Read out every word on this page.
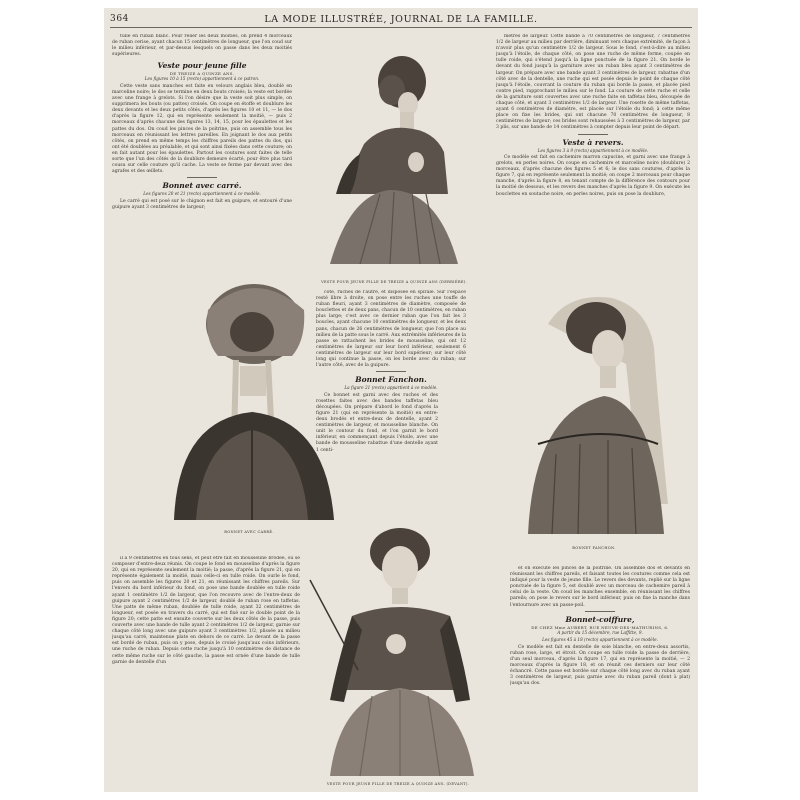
364	LA MODE ILLUSTRÉE, JOURNAL DE LA FAMILLE.

tulle en ruban blanc. Pour relier les deux moitiés, on prend 4 morceaux de ruban cerise, ayant chacun 15 centimètres de longueur, que l'on coud sur le milieu inférieur, et par-dessus lesquels on passe dans les deux moitiés supérieures.

Veste pour jeune fille
DE TREIZE A QUINZE ANS.
Les figures 10 à 15 (recto) appartiennent à ce patron.

Cette veste sans manches est faite en velours anglais bleu, doublé en marceline noire; le dos se termine en deux bouts croisés; la veste est bordée avec une frange à grelots. Si l'on désire que la veste soit plus simple, on supprimera les bouts (ou pattes) croisés. On coupe en étoffe et doublure les deux devants et les deux petits côtés, d'après les figures 10 et 11, — le dos d'après la figure 12, qui en représente seulement la moitié, — puis 2 morceaux d'après chacune des figures 13, 14, 15, pour les épaulettes et les pattes du dos. On coud les pinces de la poitrine, puis on assemble tous les morceaux en réunissant les lettres pareilles. En joignant le dos aux petits côtés, on prend en même temps les chiffres pareils des pattes du dos, qui ont été doublées au préalable, et qui sont ainsi fixées dans cette couture; on en fait autant pour les épaulettes. Partout les coutures sont faites de telle sorte que l'un des côtés de la doublure demeure écarté, pour être plus tard cousu sur celle couture qu'il cache. La veste se ferme par devant avec des agrafes et des œillets.

Bonnet avec carré.
Les figures 20 et 21 (recto) appartiennent à ce modèle.

Le carré qui est posé sur le chignon est fait en guipure, et entouré d'une guipure ayant 3 centimètres de largeur;

VESTE POUR JEUNE FILLE DE TREIZE A QUINZE ANS (DERRIÈRE).
BONNET AVEC CARRÉ.

côté, ruchés de l'autre, et disposée en spirale. Sur l'espace resté libre à droite, on pose entre les ruches une touffe de ruban fleuri, ayant 3 centimètres de diamètre, composée de bouclettes et de deux pans, chacun de 10 centimètres, en ruban plus large; c'est avec ce dernier ruban que l'on fait les 3 boucles, ayant chacune 10 centimètres de longueur, et les deux pans, chacun de 26 centimètres de longueur, que l'on place au milieu de la patte sous le carré. Aux extrémités inférieures de la passe se rattachent les brides de mousseline, qui ont 12 centimètres de largeur sur leur bord inférieur, seulement 6 centimètres de largeur sur leur bord supérieur; sur leur côté long qui continue la passe, on les borde avec du ruban; sur l'autre côté, avec de la guipure.

Bonnet Fanchon.
La figure 21 (recto) appartient à ce modèle.

Ce bonnet est garni avec des ruches et des rosettes faites avec des bandes taffetas bleu découpées. On prépare d'abord le fond d'après la figure 21 (qui en représente la moitié) en entre-deux brodés et entre-deux de dentelle, ayant 2 centimètres de largeur, et mousseline blanche. On unit le contour du fond, et l'on garnit le bord inférieur, en commençant depuis l'étoile, avec une bande de mousseline rabattue d'une dentelle ayant 1 centi-

mètres de largeur. Cette bande a 70 centimètres de longueur, 7 centimètres 1/2 de largeur au milieu par derrière, diminuant vers chaque extrémité, de façon à n'avoir plus qu'un centimètre 1/2 de largeur. Sous le fond, c'est-à-dire au milieu jusqu'à l'étoile, de chaque côté, on pose une ruche de même forme, coupée en tulle roide, qui s'étend jusqu'à la ligne ponctuée de la figure 21. On borde le devant du fond jusqu'à la garniture avec un ruban bleu ayant 3 centimètres de largeur. On prépare avec une bande ayant 3 centimètres de largeur, rabattue d'un côté avec de la dentelle, une ruche qui est posée depuis le point de chaque côté jusqu'à l'étoile, couvrant la couture du ruban qui borde la passe, et placée pied contre pied, rapprochant le milieu sur le fond. La couture de cette ruche et celle de la garniture sont couvertes avec une ruche faite en taffetas bleu, découpée de chaque côté, et ayant 3 centimètres 1/2 de largeur. Une rosette de même taffetas, ayant 6 centimètres de diamètre, est placée sur l'étoile du fond; à cette même place on fixe les brides, qui ont chacune 70 centimètres de longueur, 8 centimètres de largeur; ces brides sont rehaussées à 3 centimètres de largeur, par 3 plis, sur une bande de 14 centimètres à compter depuis leur point de départ.

Veste à revers.
Les figures 3 à 9 (recto) appartiennent à ce modèle.

Ce modèle est fait en cachemire marron capucine, et garni avec une frange à grelots, en perles noires. On coupe en cachemire et marceline noire (doublure) 2 morceaux, d'après chacune des figures 5 et 6; le dos sans coutures, d'après la figure 7, qui en représente seulement la moitié; on coupe 2 morceaux pour chaque manche, d'après la figure 8, en tenant compte de la différence des contours pour la moitié de dessous, et les revers des manches d'après la figure 9. On exécute les bouclettes en soutache noire, en perles noires, puis on pose la doublure,

BONNET FANCHON.

il a 9 centimètres en tous sens, et peut être fait en mousseline brodée, ou se composer d'entre-deux réunis. On coupe le fond en mousseline d'après la figure 20, qui en représente seulement la moitié; la passe, d'après la figure 21, qui en représente également la moitié, mais celle-ci en tulle roide. On ourle le fond, puis on assemble les figures 20 et 21, en réunissant les chiffres pareils. Sur l'envers du bord inférieur du fond, on pose une bande doublée en tulle roide ayant 1 centimètre 1/2 de largeur, que l'on recouvre avec de l'entre-deux de guipure ayant 2 centimètres 1/2 de largeur, doublé de ruban rose en taffetas. Une patte de même ruban, doublée de tulle roide, ayant 32 centimètres de longueur, est posée en travers du carré, qui est fixé sur le double point de la figure 20; cette patte est ensuite couverte sur les deux côtés de la passe, puis couverte avec une bande de tulle ayant 2 centimètres 1/2 de largeur, garnie sur chaque côté long avec une guipure ayant 3 centimètres 1/2, plissée au milieu jusqu'au carré, maintenue plate en dehors de ce carré. Le devant de la passe est bordé de ruban, puis on y pose, depuis le croisé jusqu'aux coins inférieurs, une ruche de ruban. Depuis cette ruche jusqu'à 10 centimètres de distance de cette même ruche sur le côté gauche, la passe est ornée d'une bande de tulle garnie de dentelle d'un

VESTE POUR JEUNE FILLE DE TREIZE A QUINZE ANS. (DEVANT).

et on exécute les pinces de la poitrine. On assemble dos et devants en réunissant les chiffres pareils, et faisant toutes les coutures comme cela est indiqué pour la veste de jeune fille. Le revers des devants, replié sur la ligne ponctuée de la figure 5, est doublé avec un morceau de cachemire pareil à celui de la veste. On coud les manches ensemble, en réunissant les chiffres pareils; on pose le revers sur le bord inférieur, puis on fixe la manche dans l'entournure avec un passe-poil.

Bonnet-coiffure,
DE CHEZ Mme AUBERT, RUE NEUVE-DES-MATHURINS, 6.
A partir du 15 décembre, rue Laffitte, 9.
Les figures 45 à 18 (recto) appartiennent à ce modèle.

Ce modèle est fait en dentelle de soie blanche, en entre-deux assortis, ruban rose, large, et étroit. On coupe en tulle roide la passe de derrière, d'un seul morceau, d'après la figure 17, qui en représente la moitié, — 2 morceaux d'après la figure 18, et on réunit ces derniers sur leur côté échancré. Cette passe est bordée sur chaque côté long avec du ruban ayant 3 centimètres de largeur, puis garnie avec du ruban pareil (dont à plat) jusqu'au dos.
